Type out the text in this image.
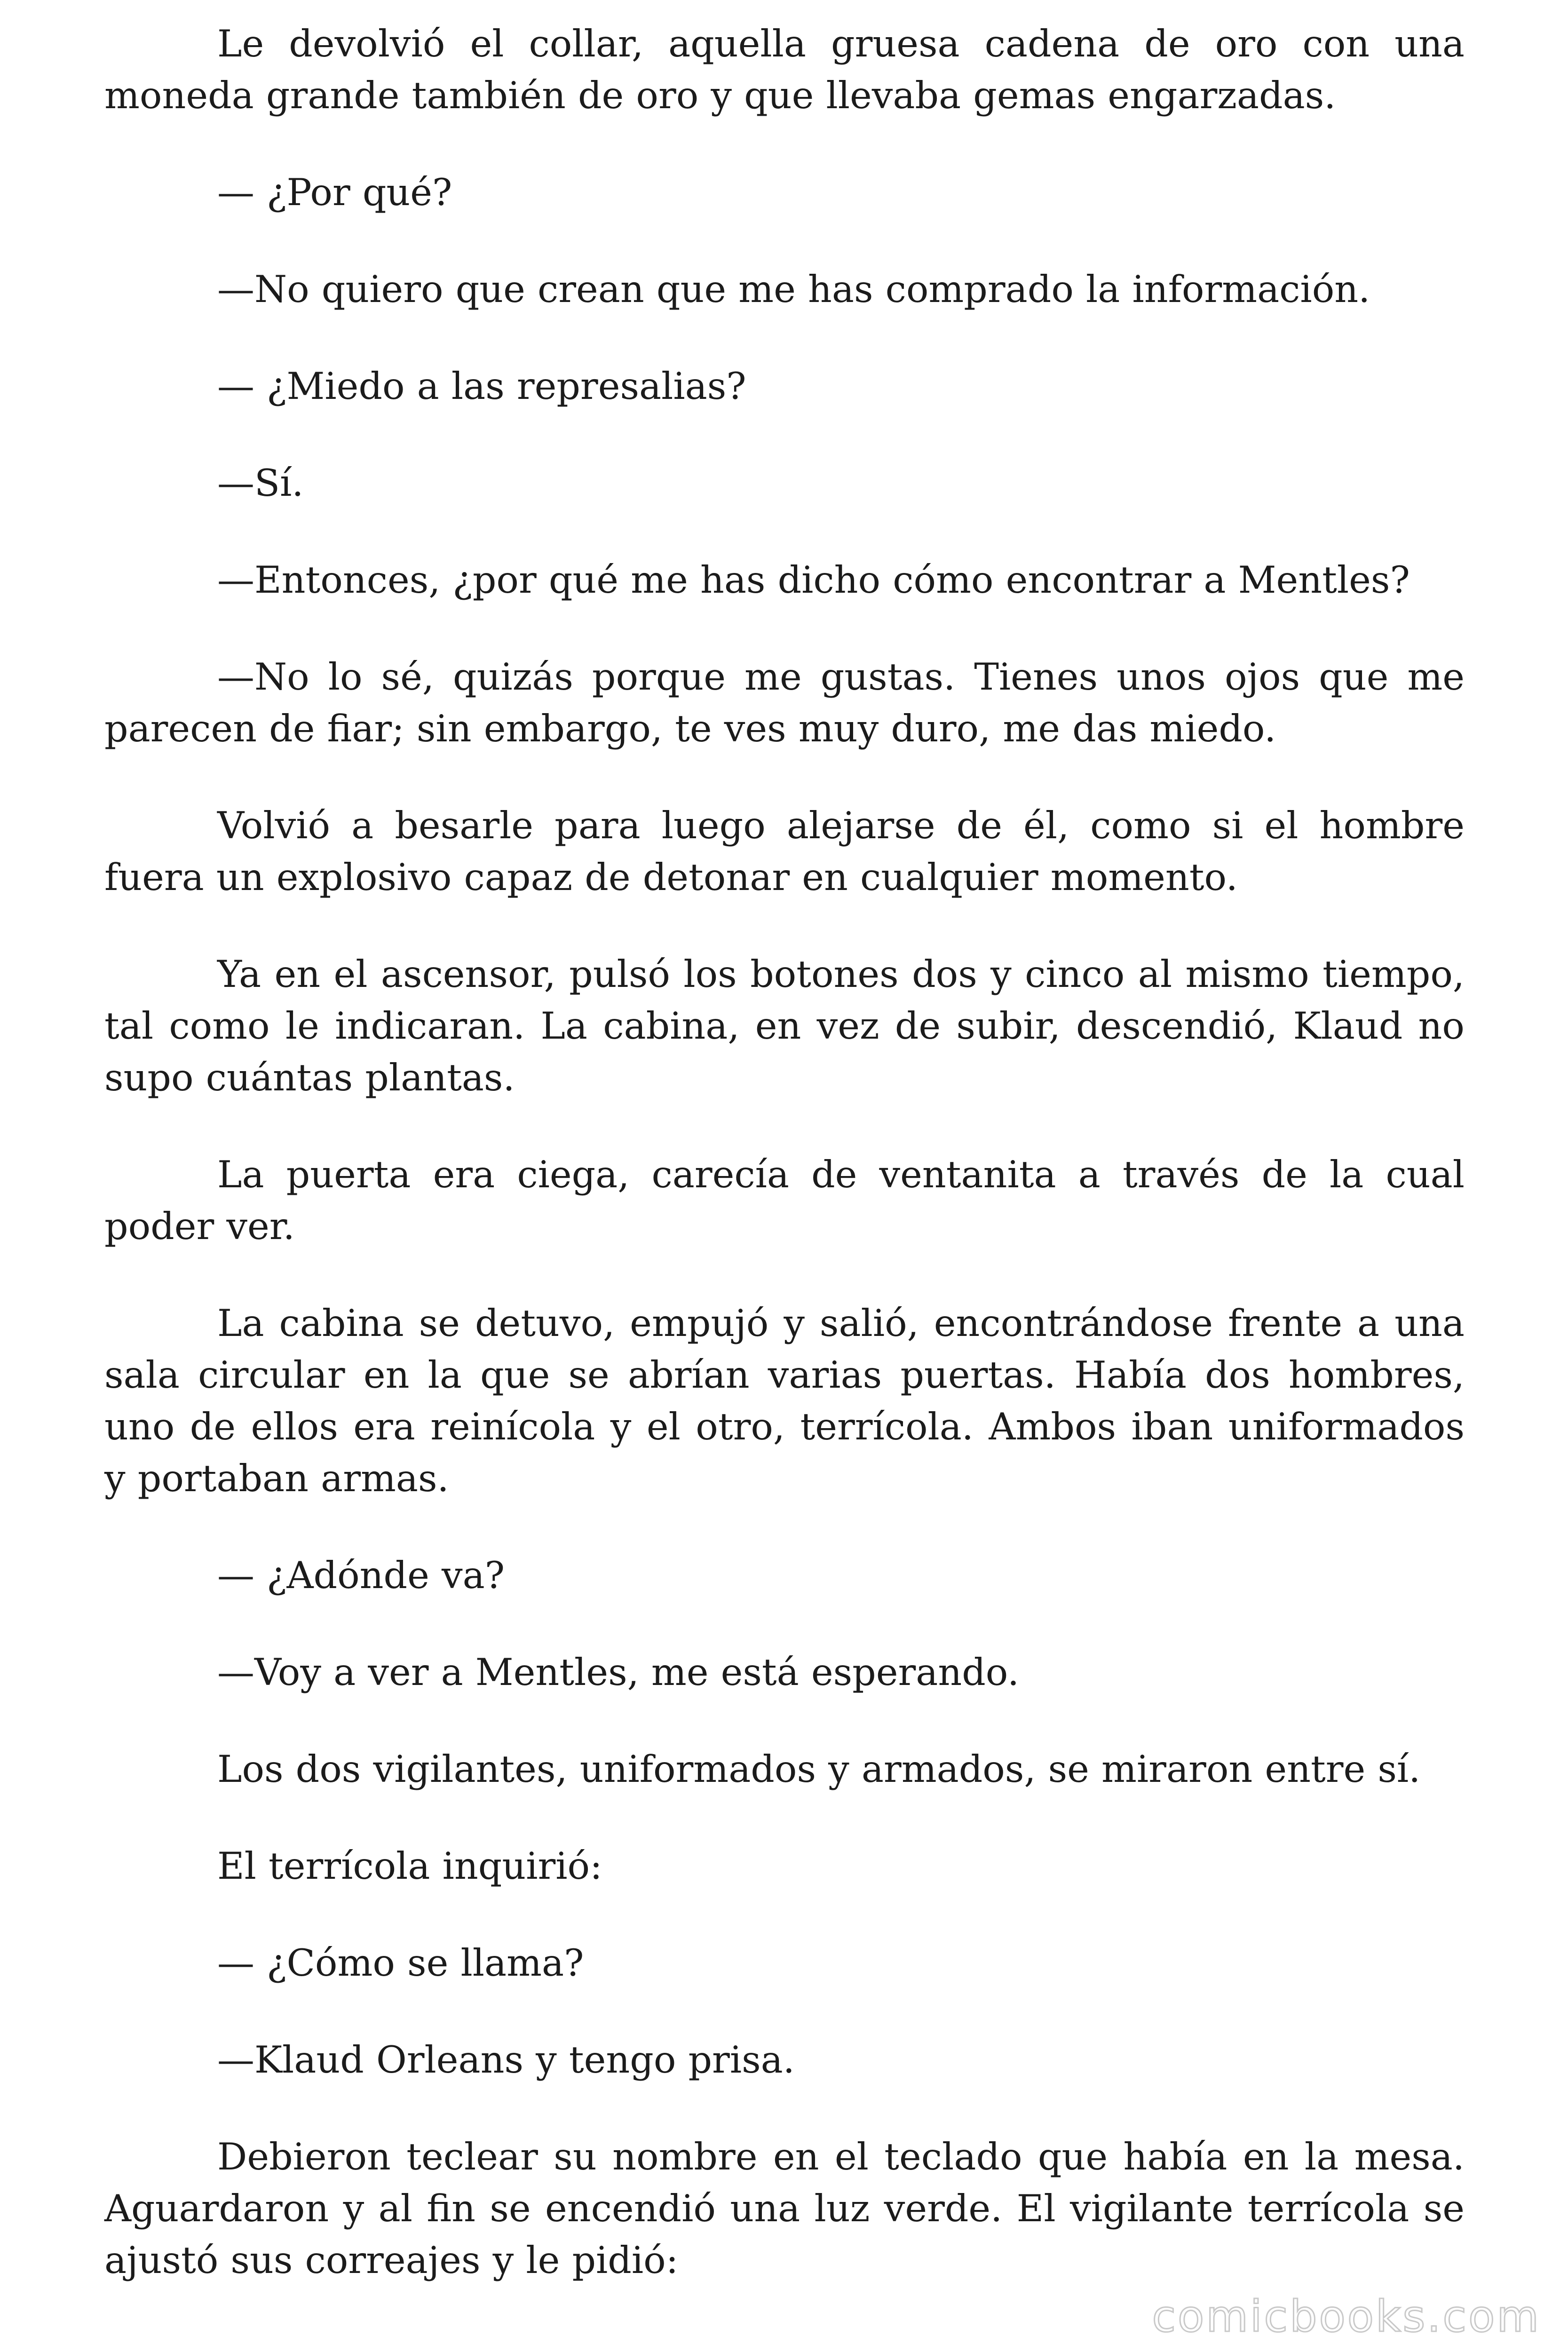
Le devolvió el collar, aquella gruesa cadena de oro con una moneda grande también de oro y que llevaba gemas engarzadas.

— ¿Por qué?

—No quiero que crean que me has comprado la información.

— ¿Miedo a las represalias?

—Sí.

—Entonces, ¿por qué me has dicho cómo encontrar a Mentles?

—No lo sé, quizás porque me gustas. Tienes unos ojos que me parecen de fiar; sin embargo, te ves muy duro, me das miedo.

Volvió a besarle para luego alejarse de él, como si el hombre fuera un explosivo capaz de detonar en cualquier momento.

Ya en el ascensor, pulsó los botones dos y cinco al mismo tiempo, tal como le indicaran. La cabina, en vez de subir, descendió, Klaud no supo cuántas plantas.

La puerta era ciega, carecía de ventanita a través de la cual poder ver.

La cabina se detuvo, empujó y salió, encontrándose frente a una sala circular en la que se abrían varias puertas. Había dos hombres, uno de ellos era reinícola y el otro, terrícola. Ambos iban uniformados y portaban armas.

— ¿Adónde va?

—Voy a ver a Mentles, me está esperando.

Los dos vigilantes, uniformados y armados, se miraron entre sí.

El terrícola inquirió:

— ¿Cómo se llama?

—Klaud Orleans y tengo prisa.

Debieron teclear su nombre en el teclado que había en la mesa. Aguardaron y al fin se encendió una luz verde. El vigilante terrícola se ajustó sus correajes y le pidió:

comicbooks.com
